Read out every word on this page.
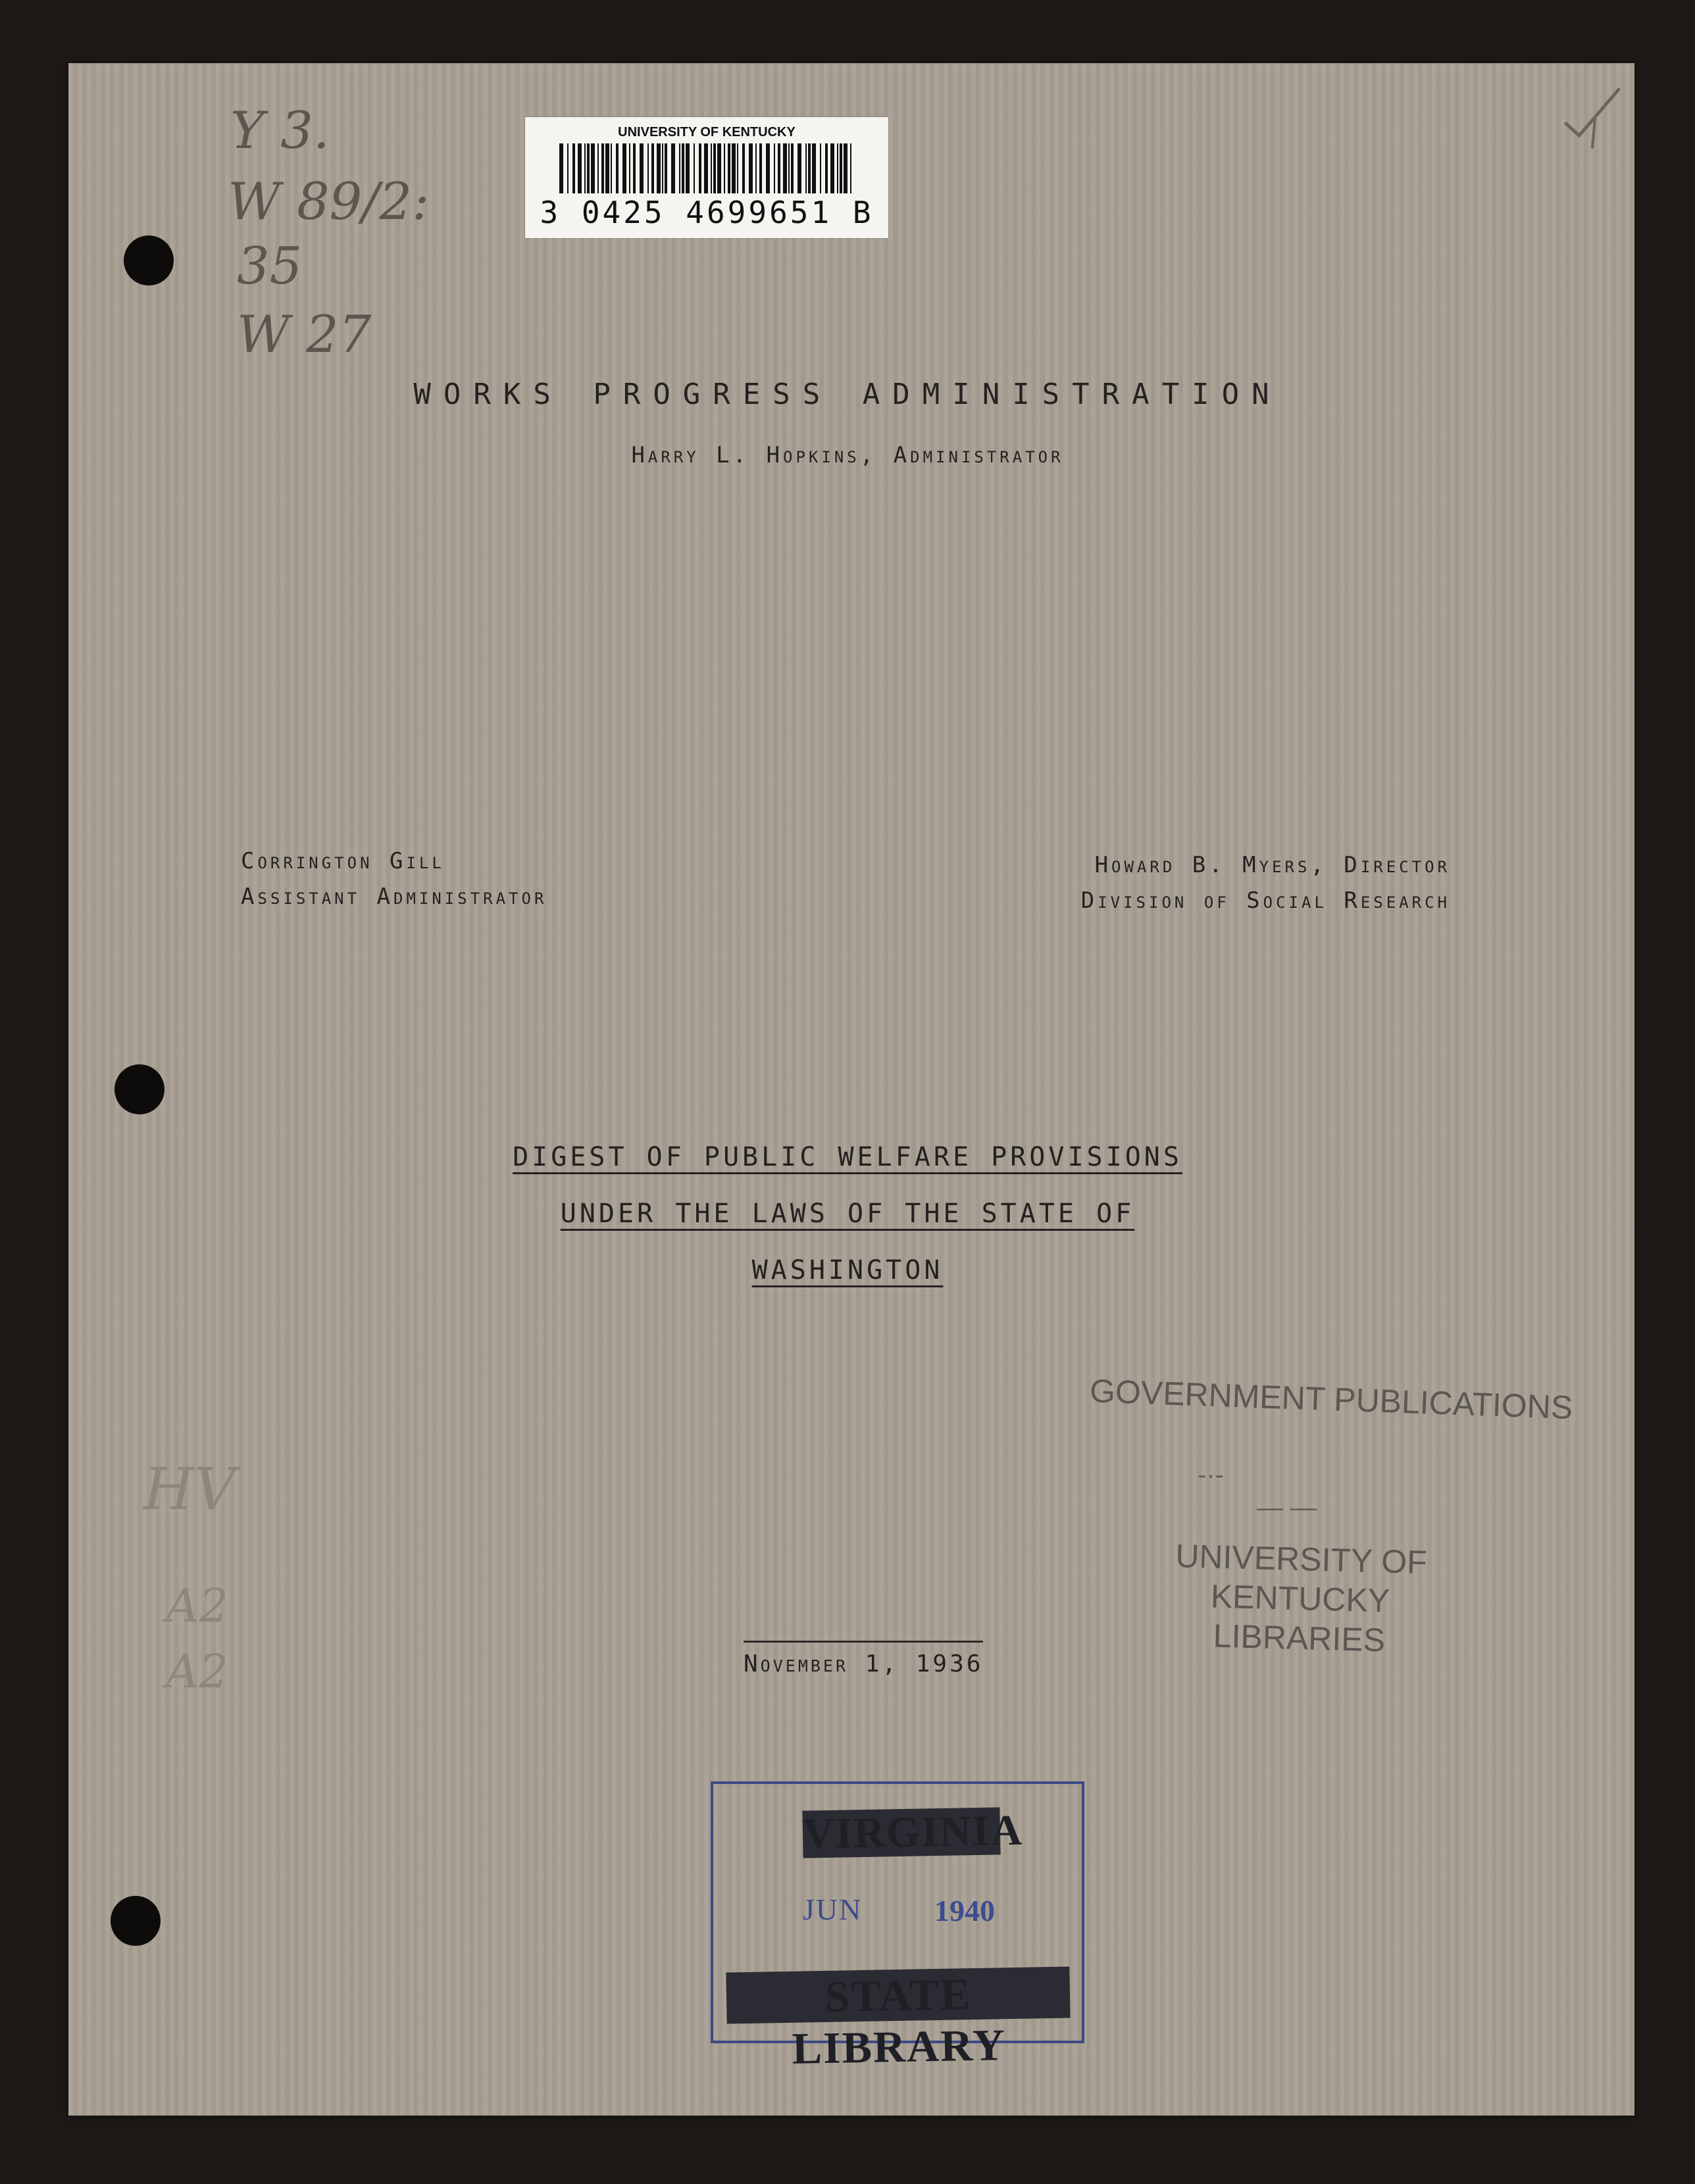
Y 3.
W 89/2:
35
W 27
HV
A2
A2
UNIVERSITY OF KENTUCKY
3 0425 4699651 B
WORKS PROGRESS ADMINISTRATION
Harry L. Hopkins, Administrator
Corrington Gill
Assistant Administrator
Howard B. Myers, Director
Division of Social Research
DIGEST OF PUBLIC WELFARE PROVISIONS
UNDER THE LAWS OF THE STATE OF
WASHINGTON
November 1, 1936
GOVERNMENT PUBLICATIONS
-·-
— —
UNIVERSITY OF KENTUCKY
LIBRARIES
VIRGINIA
JUN 1940
STATE LIBRARY
